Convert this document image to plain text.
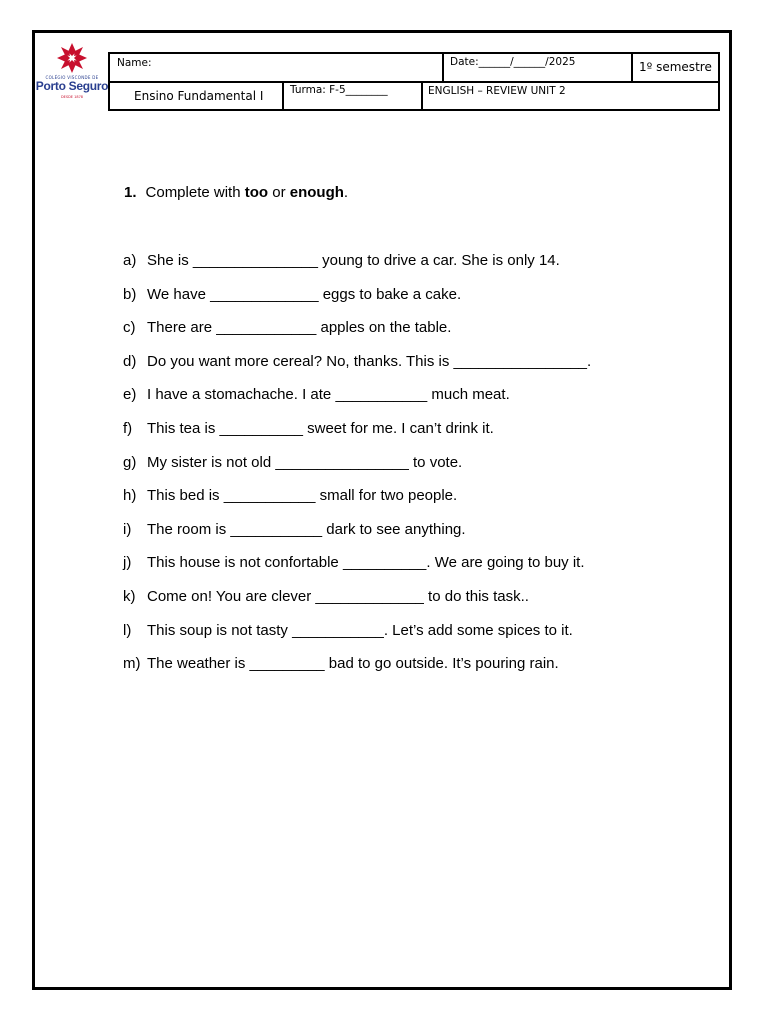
COLÉGIO VISCONDE DE
Porto Seguro
DESDE 1878
Name:	Date:______/______/2025	1º semestre
Ensino Fundamental I	Turma: F-5________	ENGLISH – REVIEW UNIT 2
1. Complete with too or enough.
a) She is _______________ young to drive a car. She is only 14.
b) We have _____________ eggs to bake a cake.
c) There are ____________ apples on the table.
d) Do you want more cereal? No, thanks. This is ________________.
e) I have a stomachache. I ate ___________ much meat.
f) This tea is __________ sweet for me. I can’t drink it.
g) My sister is not old ________________ to vote.
h) This bed is ___________ small for two people.
i) The room is ___________ dark to see anything.
j) This house is not confortable __________. We are going to buy it.
k) Come on! You are clever _____________ to do this task..
l) This soup is not tasty ___________. Let’s add some spices to it.
m) The weather is _________ bad to go outside. It’s pouring rain.
